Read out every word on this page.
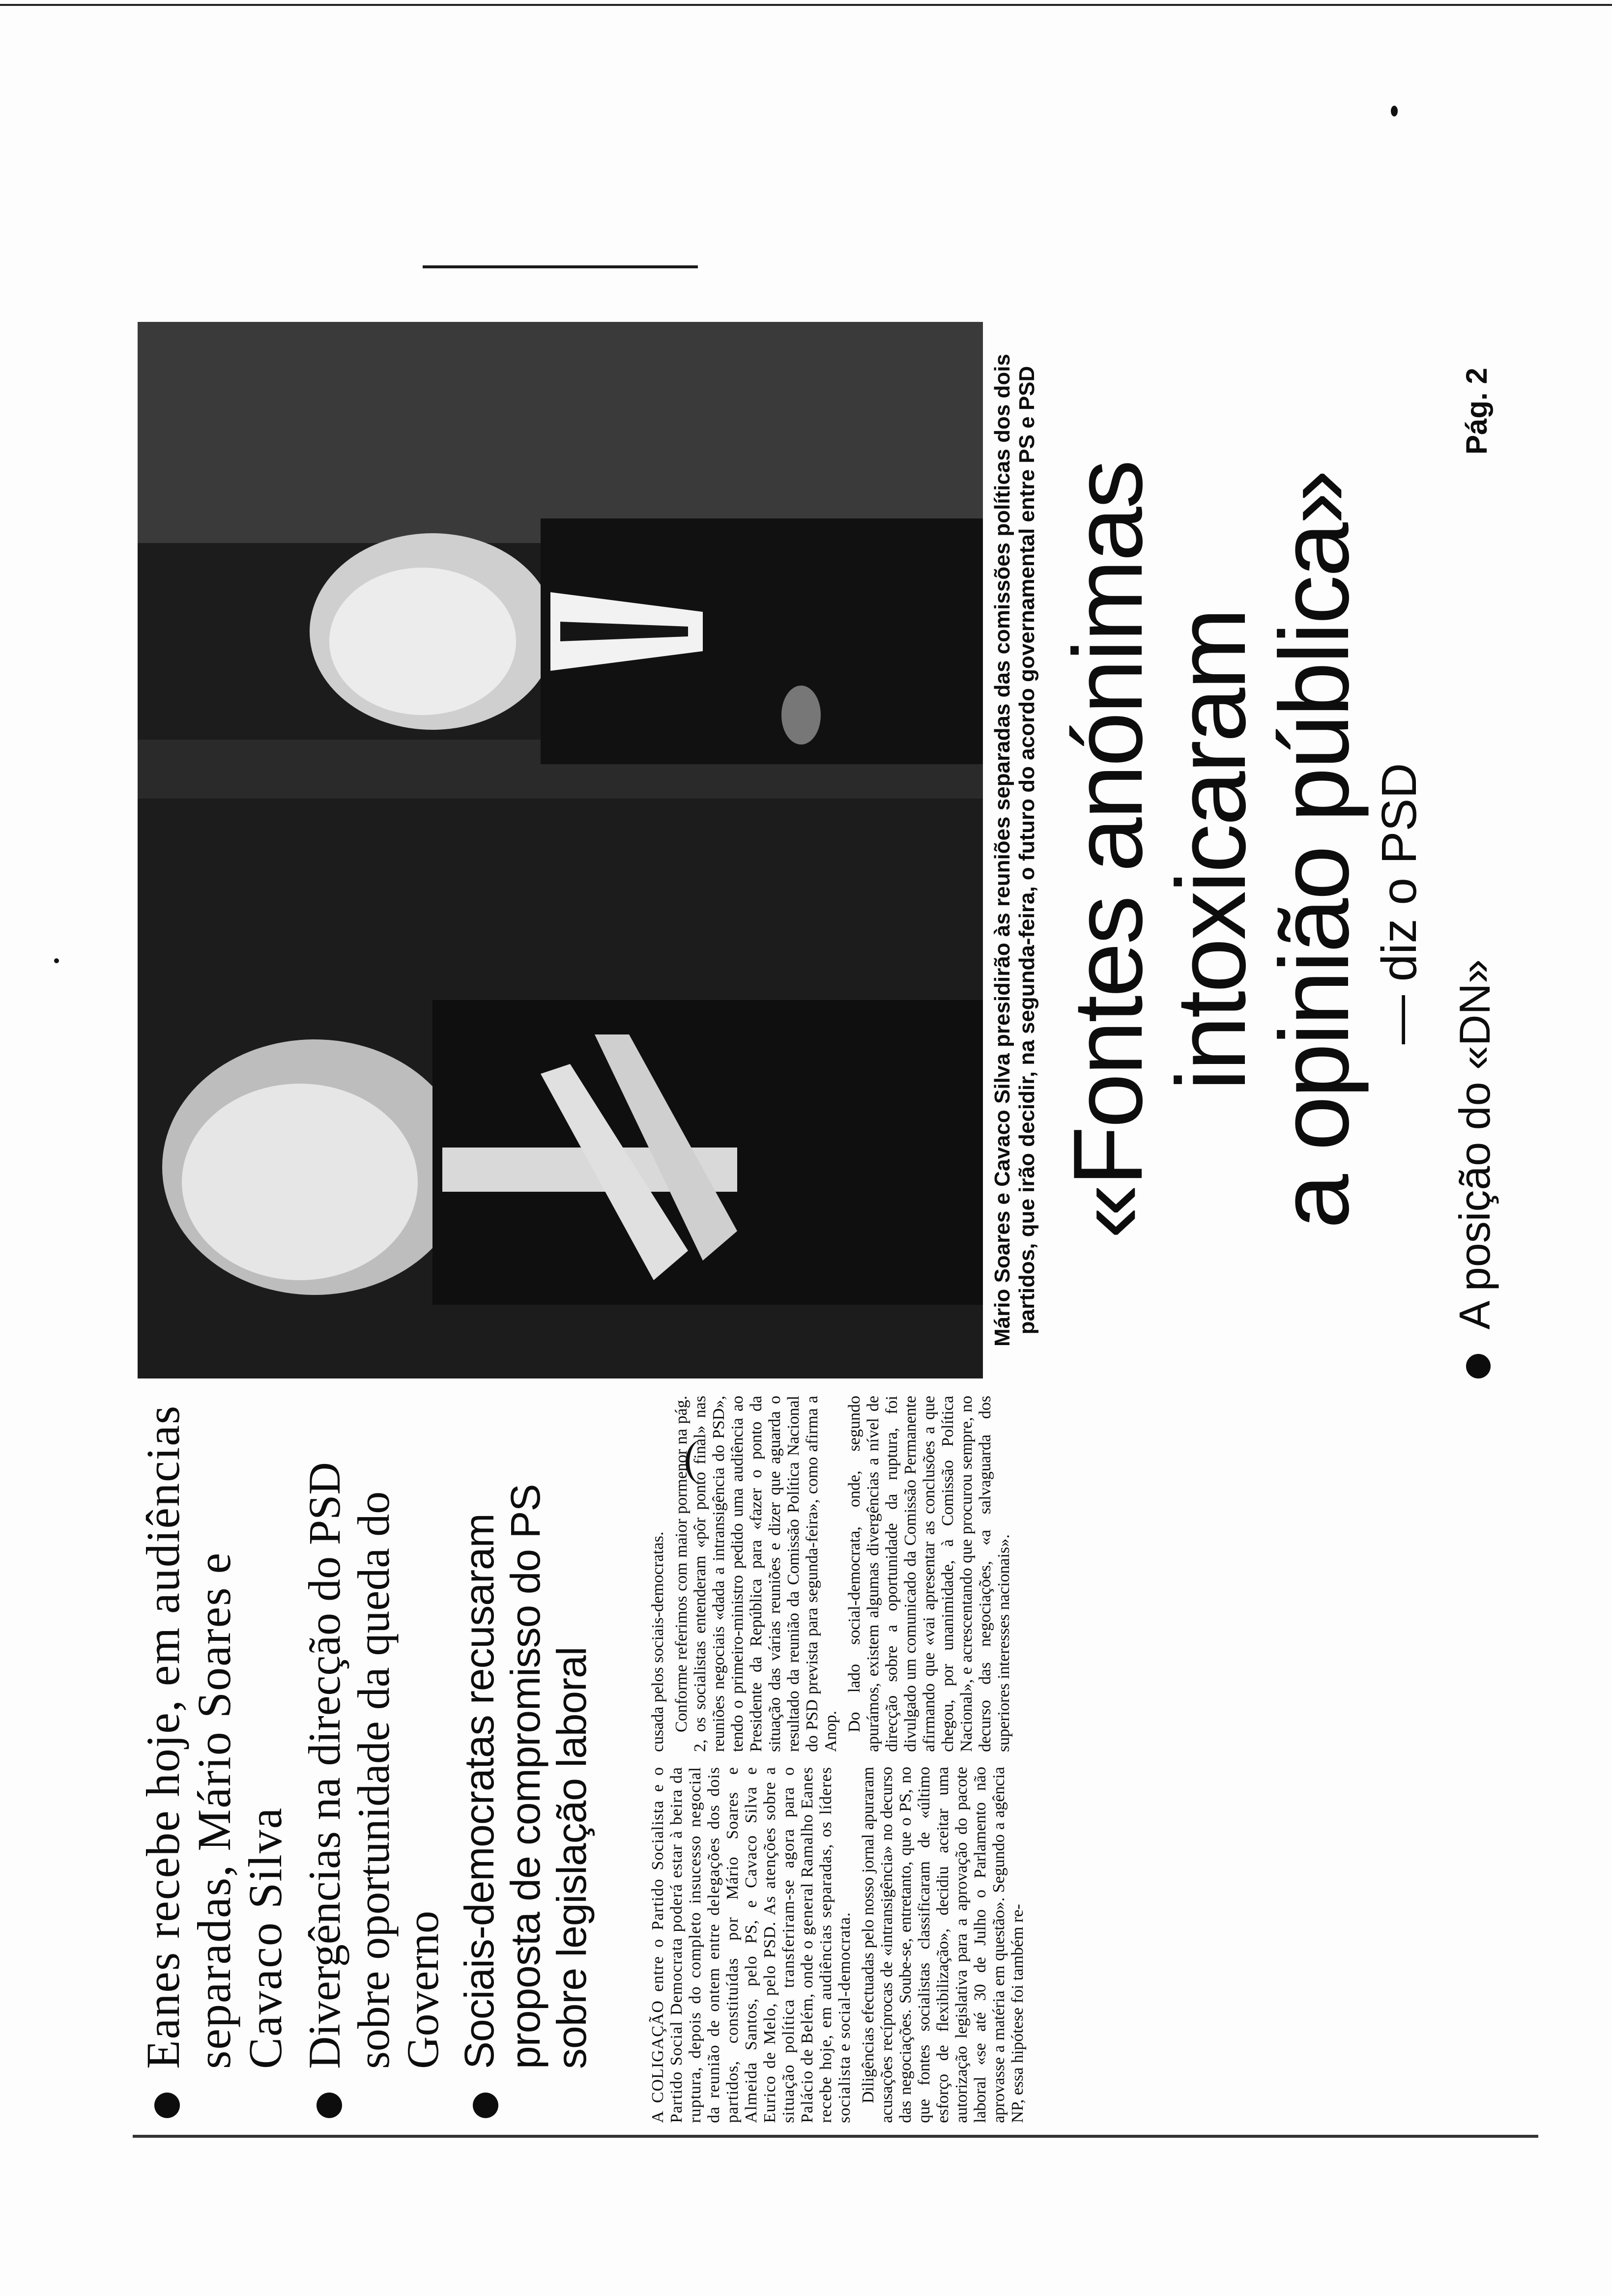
Eanes recebe hoje, em audiências separadas, Mário Soares e Cavaco Silva Divergências na direcção do PSD sobre oportunidade da queda do Governo Sociais-democratas recusaram proposta de compromisso do PS sobre legislação laboral	A COLIGAÇÃO entre o Partido Socialista e o Partido Social Democrata poderá estar à beira da ruptura, depois do completo insucesso negocial da reunião de ontem entre delegações dos dois partidos, constituídas por Mário Soares e Almeida Santos, pelo PS, e Cavaco Silva e Eurico de Melo, pelo PSD. As atenções sobre a situação política transferiram-se agora para o Palácio de Belém, onde o general Ramalho Eanes recebe hoje, em audiências separadas, os líderes socialista e social-democrata. Diligências efectuadas pelo nosso jornal apuraram acusações recíprocas de «intransigência» no decurso das negociações. Soube-se, entretanto, que o PS, no que fontes socialistas classificaram de «último esforço de flexibilização», decidiu aceitar uma autorização legislativa para a aprovação do pacote laboral «se até 30 de Julho o Parlamento não aprovasse a matéria em questão». Segundo a agência NP, essa hipótese foi também re-

cusada pelos sociais-democratas. Conforme referimos com maior pormenor na pág. 2, os socialistas entenderam «pôr ponto final» nas reuniões negociais «dada a intransigência do PSD», tendo o primeiro-ministro pedido uma audiência ao Presidente da República para «fazer o ponto da situação das várias reuniões e dizer que aguarda o resultado da reunião da Comissão Política Nacional do PSD prevista para segunda-feira», como afirma a Anop. Do lado social-democrata, onde, segundo apurámos, existem algumas divergências a nível de direcção sobre a oportunidade da ruptura, foi divulgado um comunicado da Comissão Permanente afirmando que «vai apresentar as conclusões a que chegou, por unanimidade, à Comissão Política Nacional», e acrescentando que procurou sempre, no decurso das negociações, «a salvaguarda dos superiores interesses nacionais».

Mário Soares e Cavaco Silva presidirão às reuniões separadas das comissões políticas dos dois partidos, que irão decidir, na segunda-feira, o futuro do acordo governamental entre PS e PSD «Fontes anónimas
intoxicaram
a opinião pública» — diz o PSD
A posição do «DN»
Pág. 2
